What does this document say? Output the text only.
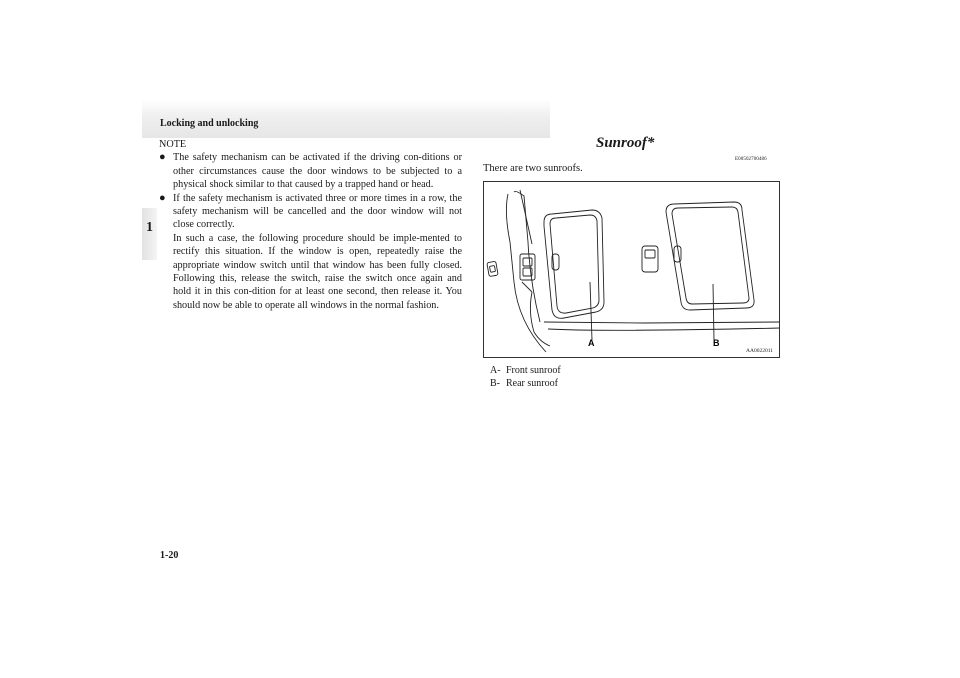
Locking and unlocking
1
NOTE
● The safety mechanism can be activated if the driving con-ditions or other circumstances cause the door windows to be subjected to a physical shock similar to that caused by a trapped hand or head.

● If the safety mechanism is activated three or more times in a row, the safety mechanism will be cancelled and the door window will not close correctly.

In such a case, the following procedure should be imple-mented to rectify this situation. If the window is open, repeatedly raise the appropriate window switch until that window has been fully closed. Following this, release the switch, raise the switch once again and hold it in this con-dition for at least one second, then release it. You should now be able to operate all windows in the normal fashion.

Sunroof*
E00502700486
There are two sunroofs.
A	B
AA0022011
A- Front sunroof
B- Rear sunroof
1-20
